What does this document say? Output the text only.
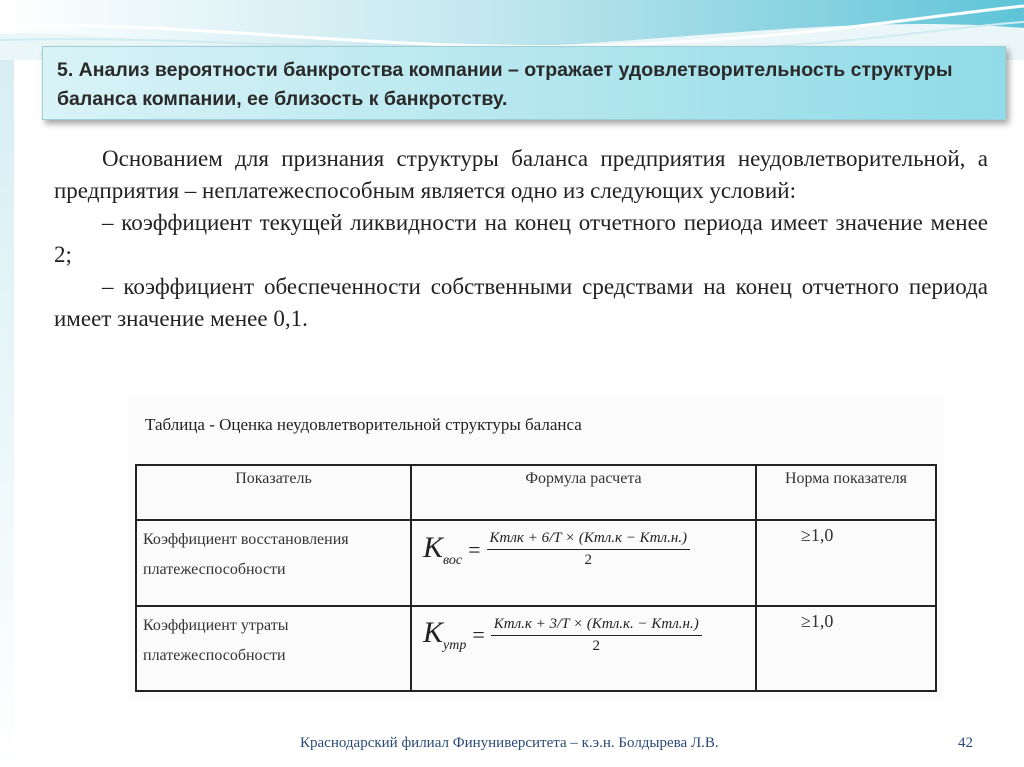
5. Анализ вероятности банкротства компании – отражает удовлетворительность структуры баланса компании, ее близость к банкротству.

Основанием для признания структуры баланса предприятия неудовлетворительной, а предприятия – неплатежеспособным является одно из следующих условий:

– коэффициент текущей ликвидности на конец отчетного периода имеет значение менее 2;

– коэффициент обеспеченности собственными средствами на конец отчетного периода имеет значение менее 0,1.

Таблица - Оценка неудовлетворительной структуры баланса
Показатель	Формула расчета	Норма показателя
Коэффициент восстановления платежеспособности	$K_{вос} = \frac{\text{Kтлк + 6/T × (Kтл.к − Kтл.н.)}}{2}$	≥1,0
Коэффициент утраты платежеспособности	$K_{утр} = \frac{\text{Kтл.к + 3/T × (Kтл.к. − Kтл.н.)}}{2}$	≥1,0
Краснодарский филиал Финуниверситета – к.э.н. Болдырева Л.В.	42
